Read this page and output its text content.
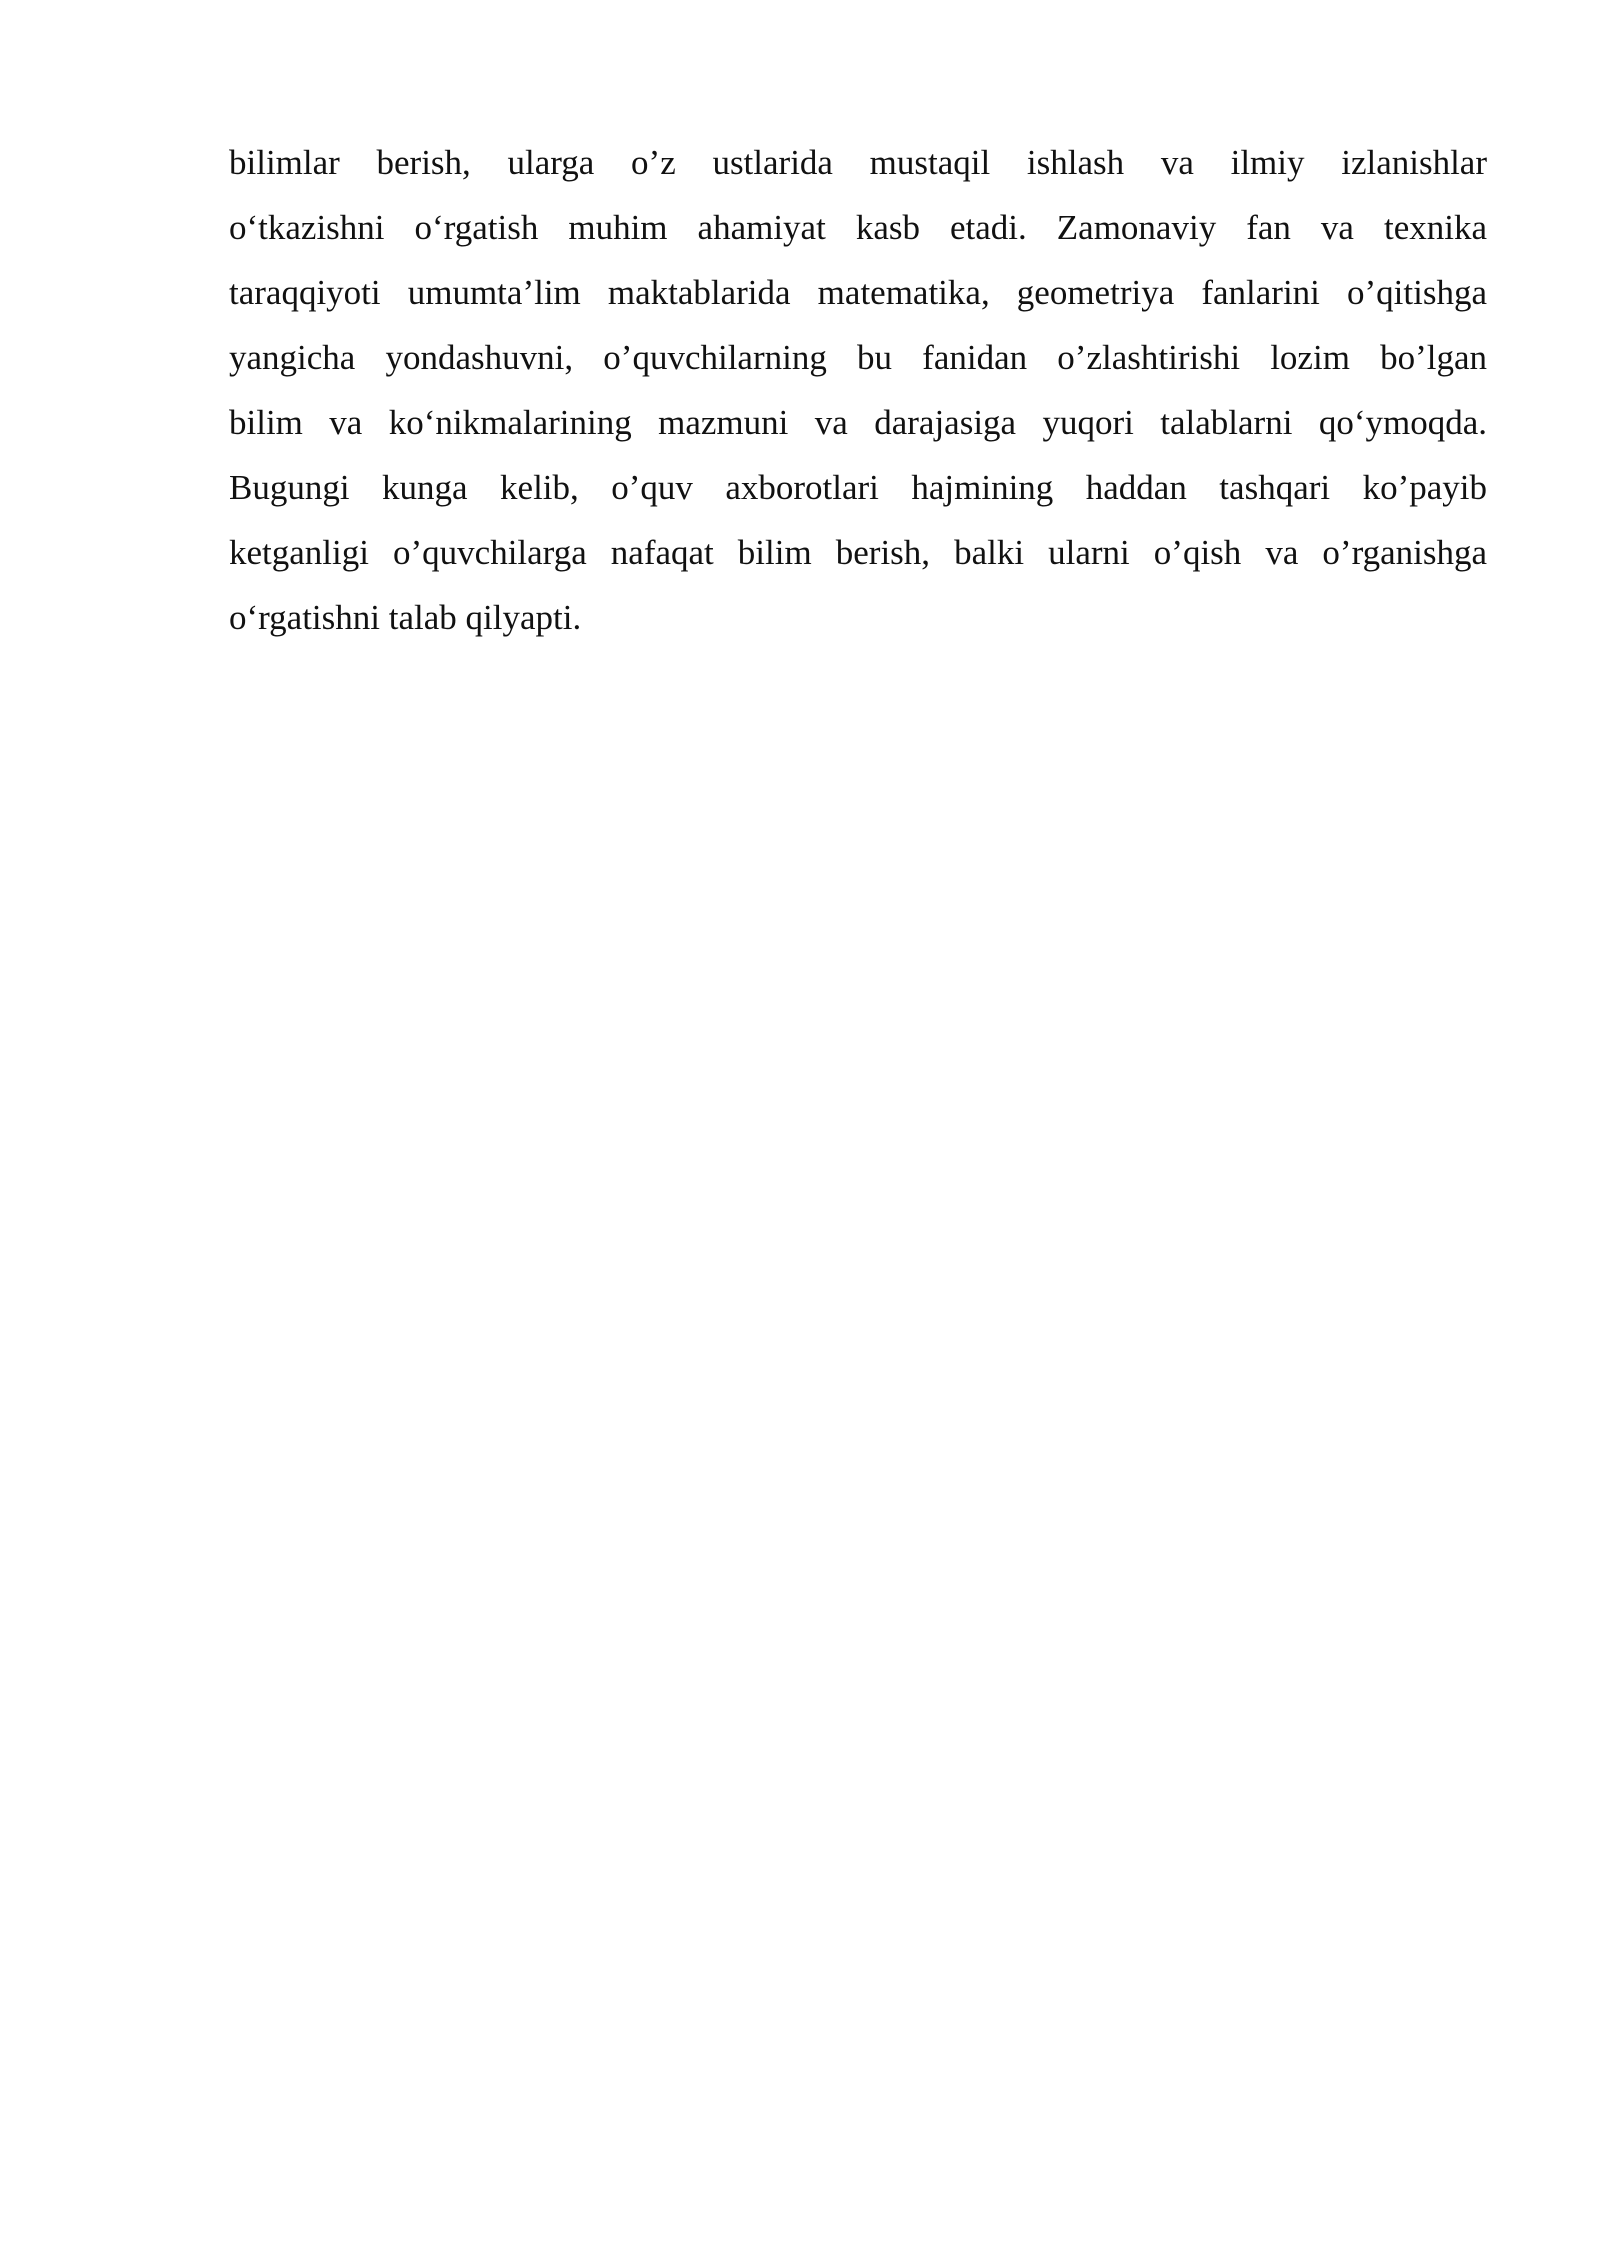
bilimlar berish, ularga o’z ustlarida mustaqil ishlash va ilmiy izlanishlar
o‘tkazishni o‘rgatish muhim ahamiyat kasb etadi. Zamonaviy fan va texnika
taraqqiyoti umumta’lim maktablarida matematika, geometriya fanlarini o’qitishga
yangicha yondashuvni, o’quvchilarning bu fanidan o’zlashtirishi lozim bo’lgan
bilim va ko‘nikmalarining mazmuni va darajasiga yuqori talablarni qo‘ymoqda.
Bugungi kunga kelib, o’quv axborotlari hajmining haddan tashqari ko’payib
ketganligi o’quvchilarga nafaqat bilim berish, balki ularni o’qish va o’rganishga
o‘rgatishni talab qilyapti.
